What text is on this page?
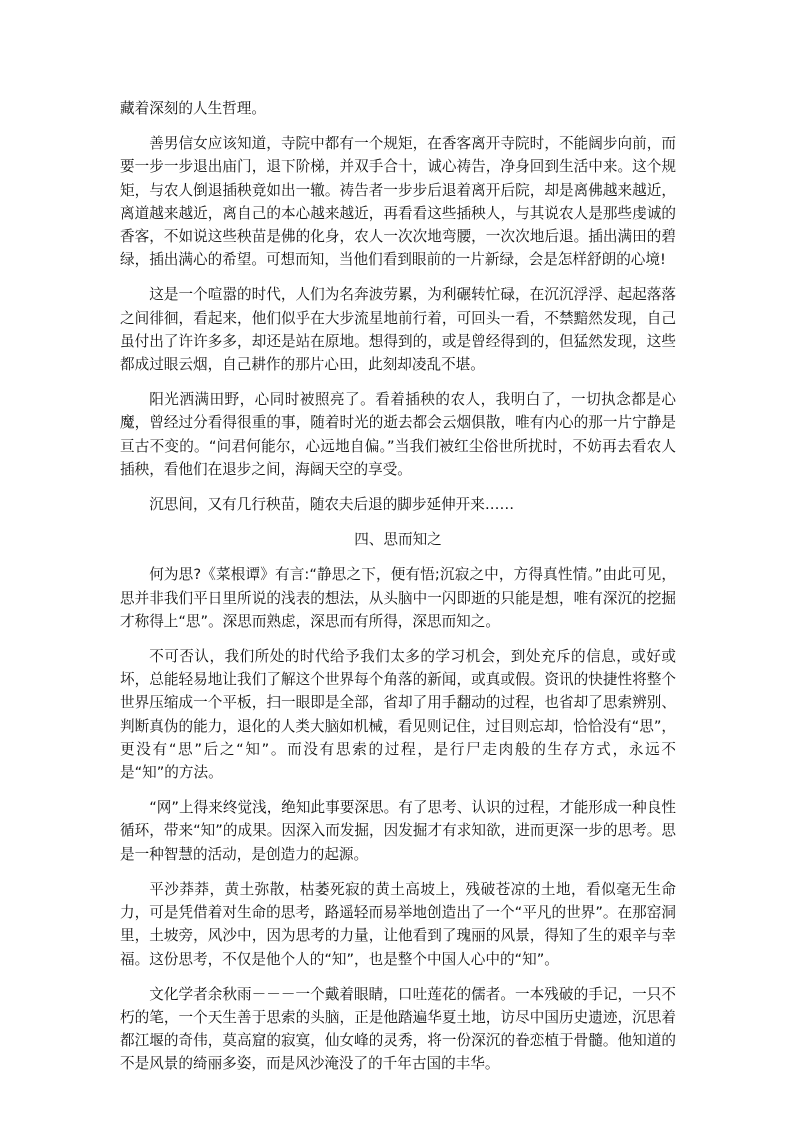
藏着深刻的人生哲理。

善男信女应该知道，寺院中都有一个规矩，在香客离开寺院时，不能阔步向前，而要一步一步退出庙门，退下阶梯，并双手合十，诚心祷告，净身回到生活中来。这个规矩，与农人倒退插秧竟如出一辙。祷告者一步步后退着离开后院，却是离佛越来越近，离道越来越近，离自己的本心越来越近，再看看这些插秧人，与其说农人是那些虔诚的香客，不如说这些秧苗是佛的化身，农人一次次地弯腰，一次次地后退。插出满田的碧绿，插出满心的希望。可想而知，当他们看到眼前的一片新绿，会是怎样舒朗的心境!

这是一个喧嚣的时代，人们为名奔波劳累，为利碾转忙碌，在沉沉浮浮、起起落落之间徘徊，看起来，他们似乎在大步流星地前行着，可回头一看，不禁黯然发现，自己虽付出了许许多多，却还是站在原地。想得到的，或是曾经得到的，但猛然发现，这些都成过眼云烟，自己耕作的那片心田，此刻却凌乱不堪。

阳光洒满田野，心同时被照亮了。看着插秧的农人，我明白了，一切执念都是心魔，曾经过分看得很重的事，随着时光的逝去都会云烟俱散，唯有内心的那一片宁静是亘古不变的。“问君何能尔，心远地自偏。”当我们被红尘俗世所扰时，不妨再去看农人插秧，看他们在退步之间，海阔天空的享受。

沉思间，又有几行秧苗，随农夫后退的脚步延伸开来……

四、思而知之

何为思?《菜根谭》有言:“静思之下，便有悟;沉寂之中，方得真性情。”由此可见，思并非我们平日里所说的浅表的想法，从头脑中一闪即逝的只能是想，唯有深沉的挖掘才称得上“思”。深思而熟虑，深思而有所得，深思而知之。

不可否认，我们所处的时代给予我们太多的学习机会，到处充斥的信息，或好或坏，总能轻易地让我们了解这个世界每个角落的新闻，或真或假。资讯的快捷性将整个世界压缩成一个平板，扫一眼即是全部，省却了用手翻动的过程，也省却了思索辨别、判断真伪的能力，退化的人类大脑如机械，看见则记住，过目则忘却，恰恰没有“思”，更没有“思”后之“知”。而没有思索的过程，是行尸走肉般的生存方式，永远不是“知”的方法。

“网”上得来终觉浅，绝知此事要深思。有了思考、认识的过程，才能形成一种良性循环，带来“知”的成果。因深入而发掘，因发掘才有求知欲，进而更深一步的思考。思是一种智慧的活动，是创造力的起源。

平沙莽莽，黄土弥散，枯萎死寂的黄土高坡上，残破苍凉的土地，看似毫无生命力，可是凭借着对生命的思考，路遥轻而易举地创造出了一个“平凡的世界”。在那窑洞里，土坡旁，风沙中，因为思考的力量，让他看到了瑰丽的风景，得知了生的艰辛与幸福。这份思考，不仅是他个人的“知”，也是整个中国人心中的“知”。

文化学者余秋雨－－－一个戴着眼睛，口吐莲花的儒者。一本残破的手记，一只不朽的笔，一个天生善于思索的头脑，正是他踏遍华夏土地，访尽中国历史遗迹，沉思着都江堰的奇伟，莫高窟的寂寞，仙女峰的灵秀，将一份深沉的眷恋植于骨髓。他知道的不是风景的绮丽多姿，而是风沙淹没了的千年古国的丰华。
